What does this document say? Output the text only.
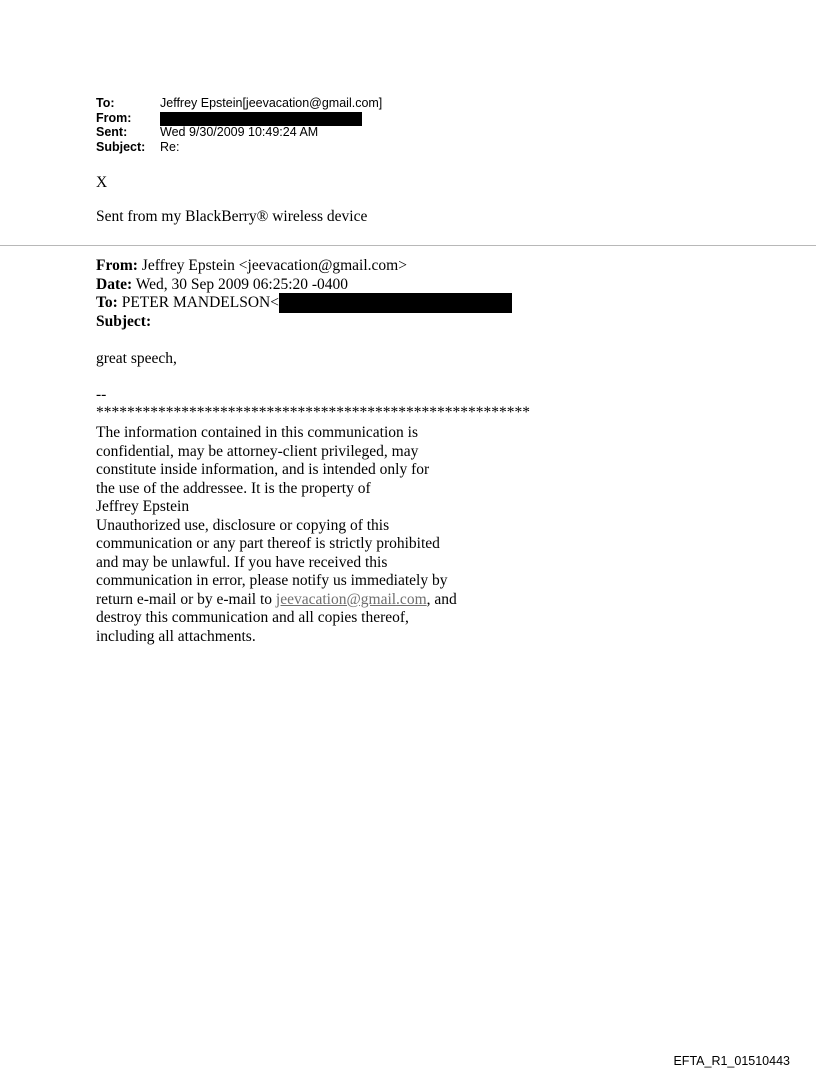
To:	Jeffrey Epstein[jeevacation@gmail.com]
From:
Sent:	Wed 9/30/2009 10:49:24 AM
Subject:	Re:
X
Sent from my BlackBerry® wireless device
From: Jeffrey Epstein <jeevacation@gmail.com>
Date: Wed, 30 Sep 2009 06:25:20 -0400
To: PETER MANDELSON<
Subject:
great speech,
--
********************************************************
The information contained in this communication is
confidential, may be attorney-client privileged, may
constitute inside information, and is intended only for
the use of the addressee. It is the property of
Jeffrey Epstein
Unauthorized use, disclosure or copying of this
communication or any part thereof is strictly prohibited
and may be unlawful. If you have received this
communication in error, please notify us immediately by
return e-mail or by e-mail to jeevacation@gmail.com, and
destroy this communication and all copies thereof,
including all attachments.
EFTA_R1_01510443
